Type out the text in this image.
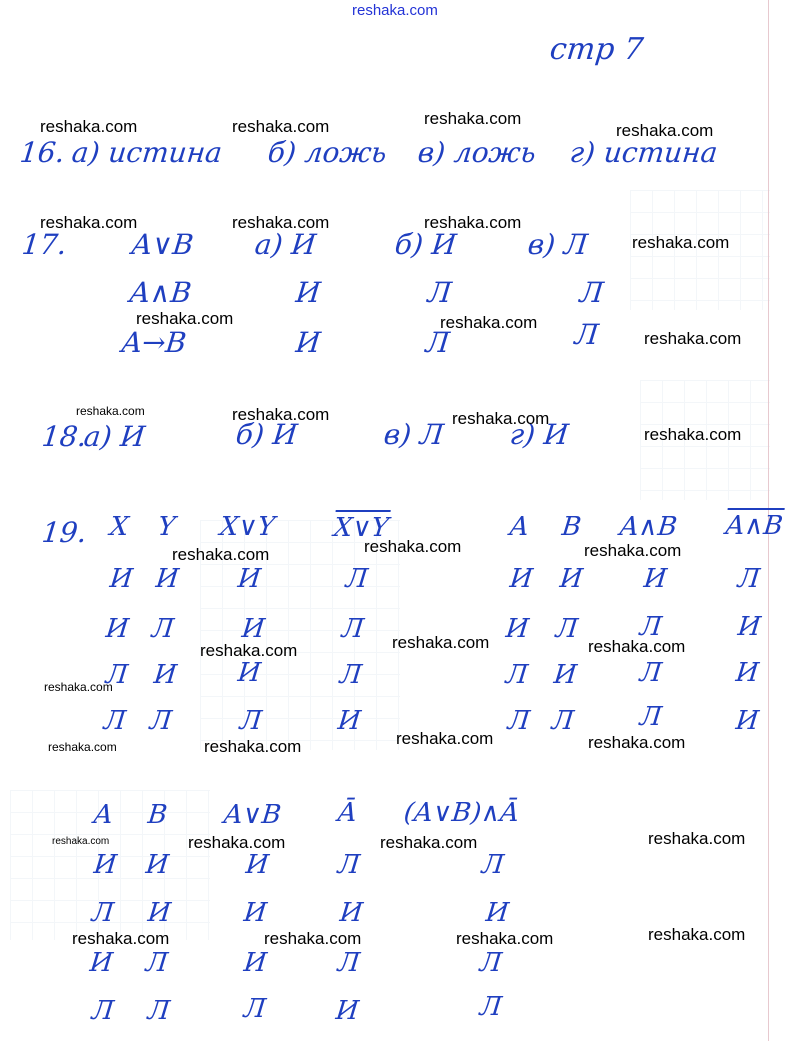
reshaka.com
стр 7
16. а) истина б) ложь в) ложь г) истина
17. A∨B а) И	б) И в) Л
A∧B	И	Л	Л
A→B	И	Л	Л
18.
а) И	б) И	в) Л г) И
19. X Y X∨Y X∨Y
И И И	Л
И Л	И	Л
Л И И	Л
Л Л	Л	И
A B A∧B A∧B
И И И	Л
И Л Л	И
Л И Л	И
Л Л Л	И
A B A∨B Ā (A∨B)∧Ā
И И	И	Л	Л
Л И	И	И	И
И Л	И	Л	Л
Л Л	Л	И	Л
reshaka.com	reshaka.com	reshaka.com
reshaka.com
reshaka.com	reshaka.com	reshaka.com
reshaka.com
reshaka.com	reshaka.com
reshaka.com
reshaka.com	reshaka.com	reshaka.com
reshaka.com
reshaka.com	reshaka.com	reshaka.com
reshaka.com	reshaka.com	reshaka.com
reshaka.com
reshaka.com	reshaka.com	reshaka.com	reshaka.com
reshaka.com	reshaka.com	reshaka.com	reshaka.com
reshaka.com	reshaka.com	reshaka.com	reshaka.com
